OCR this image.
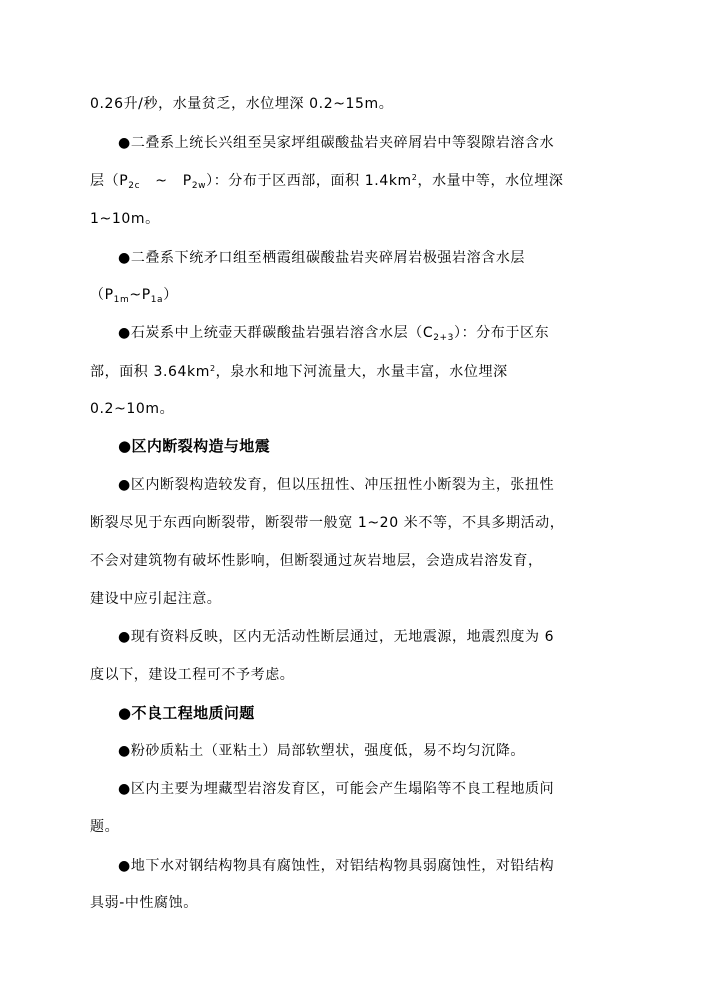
0.26升/秒，水量贫乏，水位埋深 0.2~15m。
●二叠系上统长兴组至吴家坪组碳酸盐岩夹碎屑岩中等裂隙岩溶含水
层（$P_{2c}$   ~   $P_{2w}$）：分布于区西部，面积 $1.4km^2$，水量中等，水位埋深
1~10m。
●二叠系下统矛口组至栖霞组碳酸盐岩夹碎屑岩极强岩溶含水层
$(P_{1m}\sim P_{1a})$
●石炭系中上统壶天群碳酸盐岩强岩溶含水层$(C_{2+3})$：分布于区东
部，面积 $3.64km^2$，泉水和地下河流量大，水量丰富，水位埋深
0.2~10m。
●区内断裂构造与地震
●区内断裂构造较发育，但以压扭性、冲压扭性小断裂为主，张扭性
断裂尽见于东西向断裂带，断裂带一般宽 1~20 米不等，不具多期活动，
不会对建筑物有破坏性影响，但断裂通过灰岩地层，会造成岩溶发育，
建设中应引起注意。
●现有资料反映，区内无活动性断层通过，无地震源，地震烈度为 6
度以下，建设工程可不予考虑。
●不良工程地质问题
●粉砂质粘土（亚粘土）局部软塑状，强度低，易不均匀沉降。
●区内主要为埋藏型岩溶发育区，可能会产生塌陷等不良工程地质问
题。
●地下水对钢结构物具有腐蚀性，对铝结构物具弱腐蚀性，对铅结构
具弱-中性腐蚀。
